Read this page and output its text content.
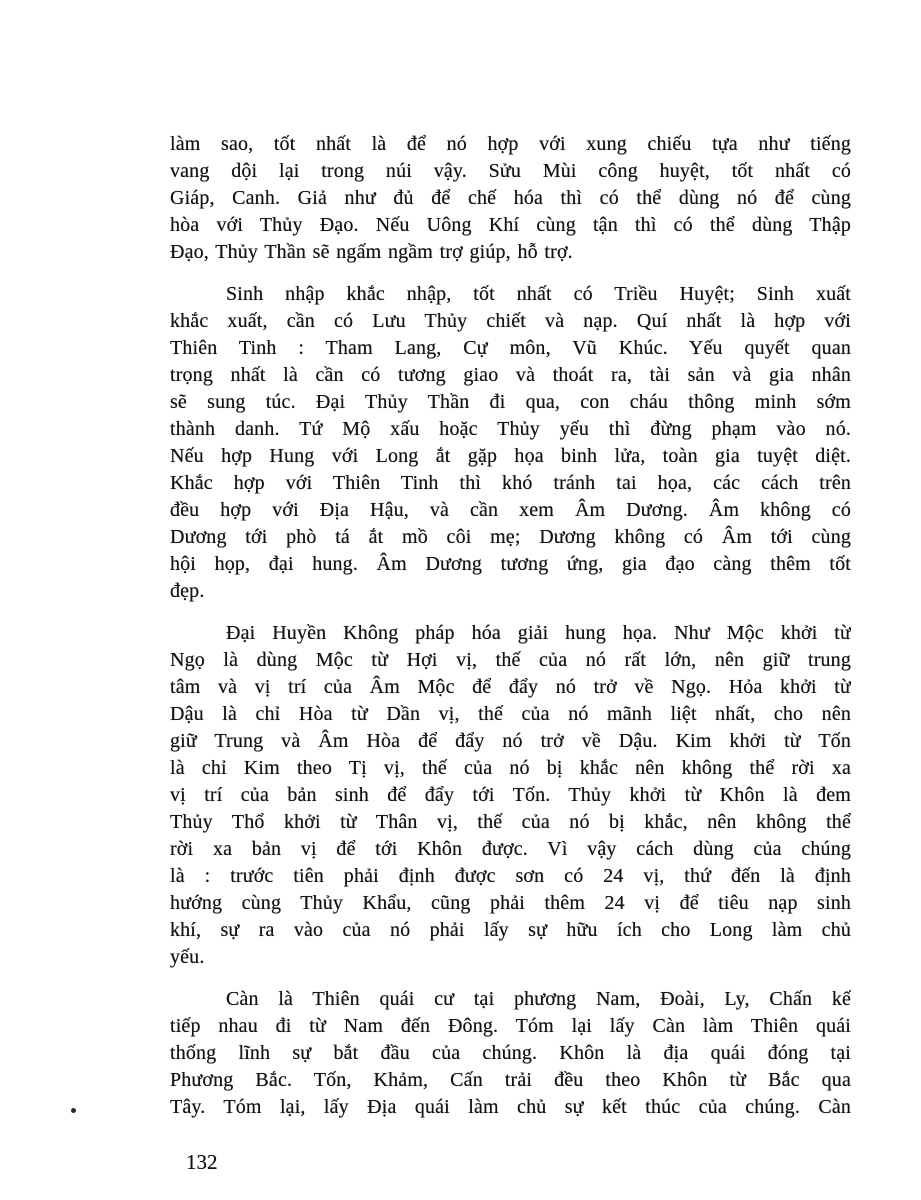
làm sao, tốt nhất là để nó hợp với xung chiếu tựa như tiếng
vang dội lại trong núi vậy. Sửu Mùi công huyệt, tốt nhất có
Giáp, Canh. Giả như đủ để chế hóa thì có thể dùng nó để cùng
hòa với Thủy Đạo. Nếu Uông Khí cùng tận thì có thể dùng Thập
Đạo, Thủy Thần sẽ ngấm ngầm trợ giúp, hỗ trợ.
Sinh nhập khắc nhập, tốt nhất có Triều Huyệt; Sinh xuất
khắc xuất, cần có Lưu Thủy chiết và nạp. Quí nhất là hợp với
Thiên Tinh : Tham Lang, Cự môn, Vũ Khúc. Yếu quyết quan
trọng nhất là cần có tương giao và thoát ra, tài sản và gia nhân
sẽ sung túc. Đại Thủy Thần đi qua, con cháu thông minh sớm
thành danh. Tứ Mộ xấu hoặc Thủy yếu thì đừng phạm vào nó.
Nếu hợp Hung với Long ắt gặp họa binh lửa, toàn gia tuyệt diệt.
Khắc hợp với Thiên Tinh thì khó tránh tai họa, các cách trên
đều hợp với Địa Hậu, và cần xem Âm Dương. Âm không có
Dương tới phò tá ắt mồ côi mẹ; Dương không có Âm tới cùng
hội họp, đại hung. Âm Dương tương ứng, gia đạo càng thêm tốt
đẹp.
Đại Huyền Không pháp hóa giải hung họa. Như Mộc khởi từ
Ngọ là dùng Mộc từ Hợi vị, thế của nó rất lớn, nên giữ trung
tâm và vị trí của Âm Mộc để đẩy nó trở về Ngọ. Hỏa khởi từ
Dậu là chỉ Hòa từ Dần vị, thế của nó mãnh liệt nhất, cho nên
giữ Trung và Âm Hòa để đẩy nó trở về Dậu. Kim khởi từ Tốn
là chỉ Kim theo Tị vị, thế của nó bị khắc nên không thể rời xa
vị trí của bản sinh để đẩy tới Tốn. Thủy khởi từ Khôn là đem
Thủy Thổ khởi từ Thân vị, thế của nó bị khắc, nên không thể
rời xa bản vị để tới Khôn được. Vì vậy cách dùng của chúng
là : trước tiên phải định được sơn có 24 vị, thứ đến là định
hướng cùng Thủy Khẩu, cũng phải thêm 24 vị để tiêu nạp sinh
khí, sự ra vào của nó phải lấy sự hữu ích cho Long làm chủ
yếu.
Càn là Thiên quái cư tại phương Nam, Đoài, Ly, Chấn kế
tiếp nhau đi từ Nam đến Đông. Tóm lại lấy Càn làm Thiên quái
thống lĩnh sự bắt đầu của chúng. Khôn là địa quái đóng tại
Phương Bắc. Tốn, Khảm, Cấn trải đều theo Khôn từ Bắc qua
Tây. Tóm lại, lấy Địa quái làm chủ sự kết thúc của chúng. Càn
132
